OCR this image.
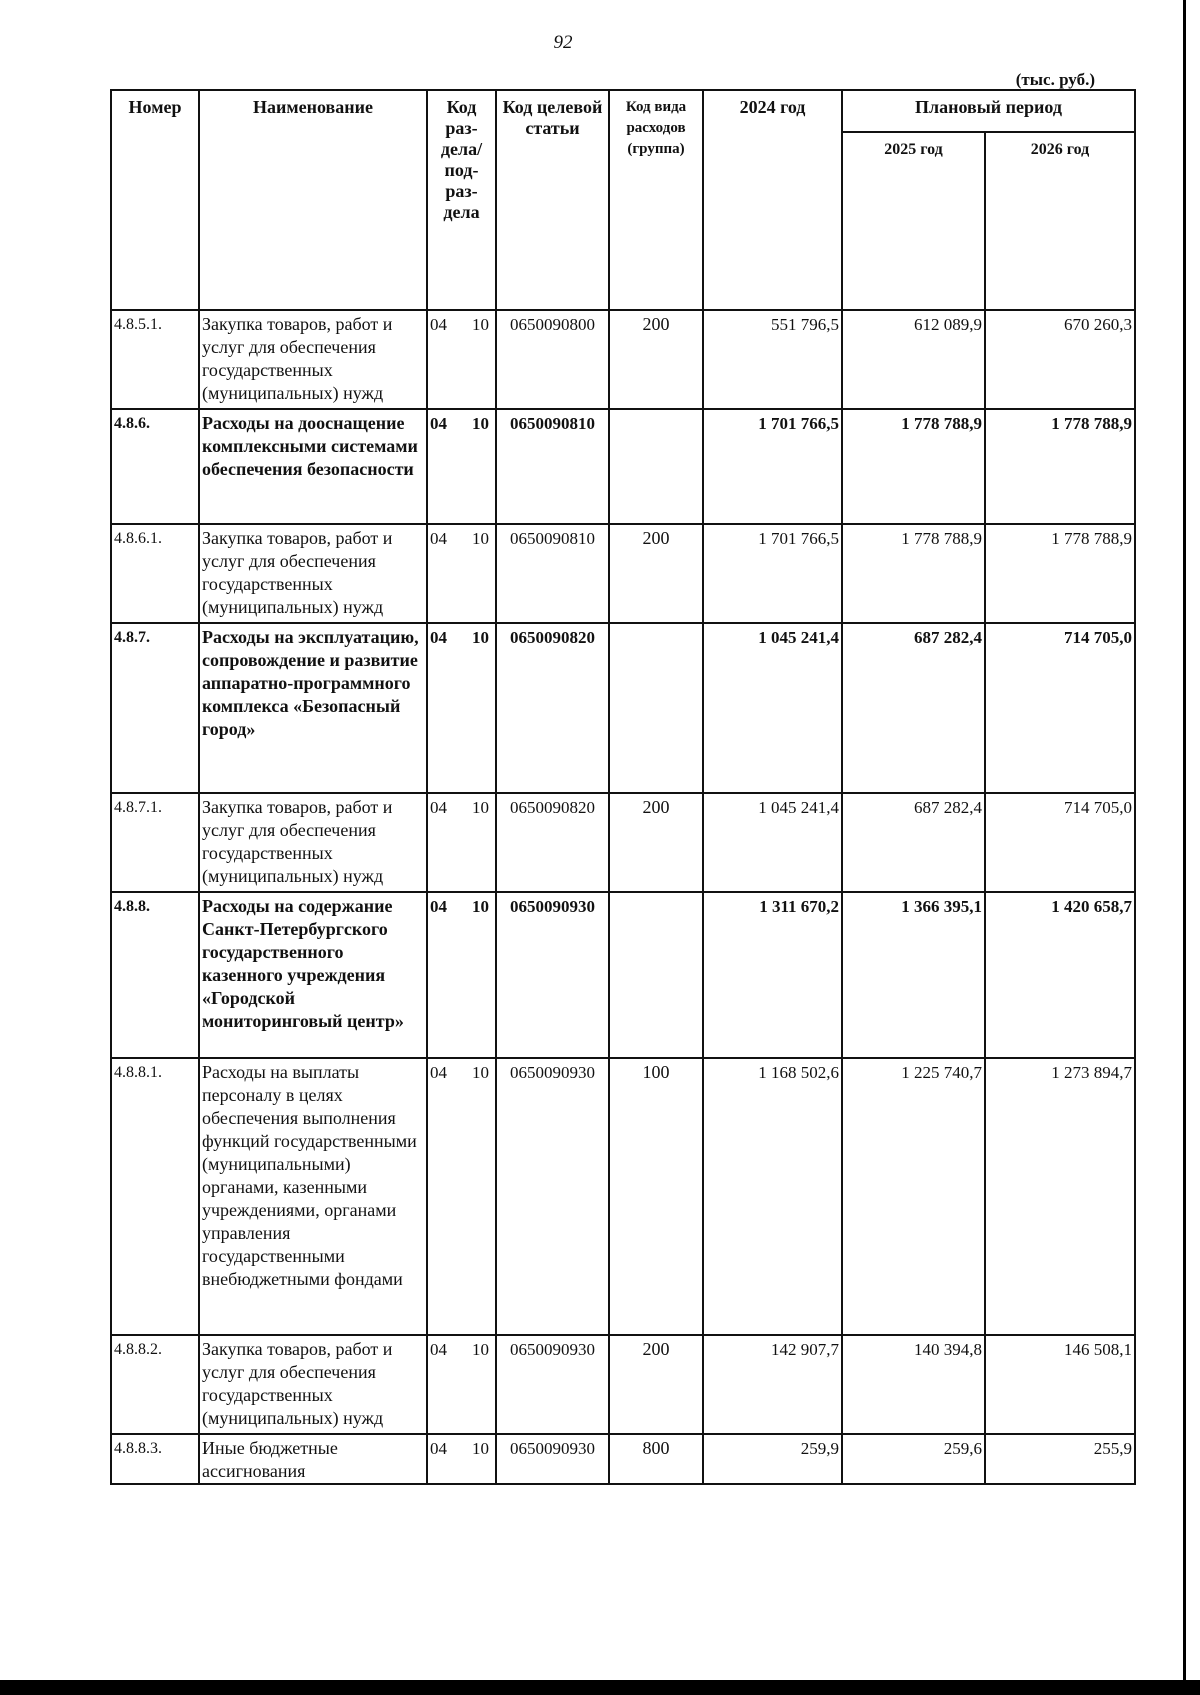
92
(тыс. руб.)
Номер	Наименование	Код раз-дела/ под-раз-дела	Код целевой статьи	Код вида расходов (группа)	2024 год	Плановый период	
						2025 год	2026 год
4.8.5.1.	Закупка товаров, работ и услуг для обеспечения государственных (муниципальных) нужд	04 10	0650090800	200	551 796,5	612 089,9	670 260,3
4.8.6.	Расходы на дооснащение комплексными системами обеспечения безопасности	04 10	0650090810		1 701 766,5	1 778 788,9	1 778 788,9
4.8.6.1.	Закупка товаров, работ и услуг для обеспечения государственных (муниципальных) нужд	04 10	0650090810	200	1 701 766,5	1 778 788,9	1 778 788,9
4.8.7.	Расходы на эксплуатацию, сопровождение и развитие аппаратно-программного комплекса «Безопасный город»	04 10	0650090820		1 045 241,4	687 282,4	714 705,0
4.8.7.1.	Закупка товаров, работ и услуг для обеспечения государственных (муниципальных) нужд	04 10	0650090820	200	1 045 241,4	687 282,4	714 705,0
4.8.8.	Расходы на содержание Санкт-Петербургского государственного казенного учреждения «Городской мониторинговый центр»	04 10	0650090930		1 311 670,2	1 366 395,1	1 420 658,7
4.8.8.1.	Расходы на выплаты персоналу в целях обеспечения выполнения функций государственными (муниципальными) органами, казенными учреждениями, органами управления государственными внебюджетными фондами	04 10	0650090930	100	1 168 502,6	1 225 740,7	1 273 894,7
4.8.8.2.	Закупка товаров, работ и услуг для обеспечения государственных (муниципальных) нужд	04 10	0650090930	200	142 907,7	140 394,8	146 508,1
4.8.8.3.	Иные бюджетные ассигнования	04 10	0650090930	800	259,9	259,6	255,9
